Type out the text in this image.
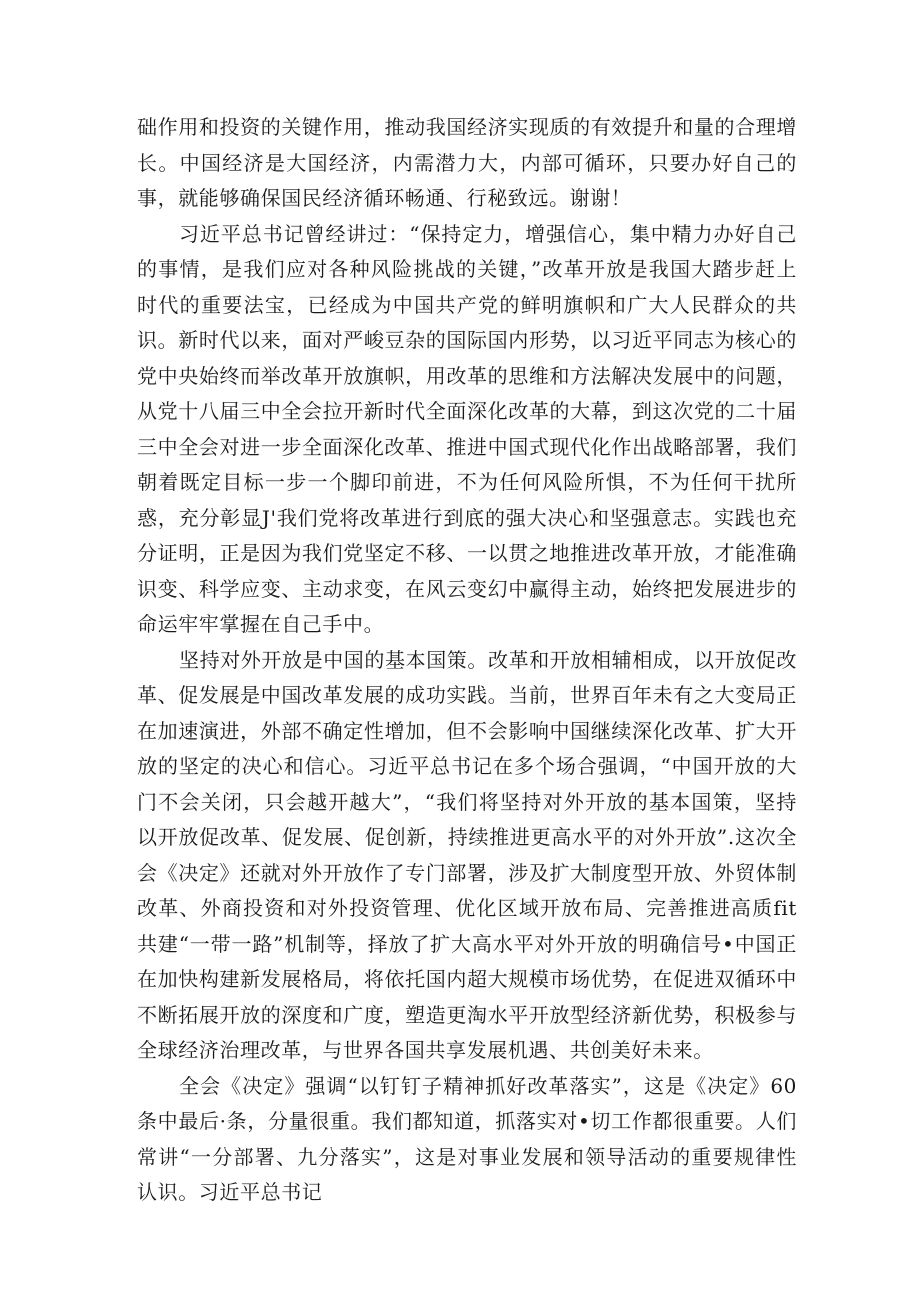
础作用和投资的关键作用，推动我国经济实现质的有效提升和量的合理增长。中国经济是大国经济，内需潜力大，内部可循环，只要办好自己的事，就能够确保国民经济循环畅通、行秘致远。谢谢！

习近平总书记曾经讲过：“保持定力，增强信心，集中精力办好自己的事情，是我们应对各种风险挑战的关键，”改革开放是我国大踏步赶上时代的重要法宝，已经成为中国共产党的鲜明旗帜和广大人民群众的共识。新时代以来，面对严峻豆杂的国际国内形势，以习近平同志为核心的党中央始终而举改革开放旗帜，用改革的思维和方法解决发展中的问题，从党十八届三中全会拉开新时代全面深化改革的大幕，到这次党的二十届三中全会对进一步全面深化改革、推进中国式现代化作出战略部署，我们朝着既定目标一步一个脚印前进，不为任何风险所惧，不为任何干扰所惑，充分彰显J'我们党将改革进行到底的强大决心和坚强意志。实践也充分证明，正是因为我们党坚定不移、一以贯之地推进改革开放，才能准确识变、科学应变、主动求变，在风云变幻中赢得主动，始终把发展进步的命运牢牢掌握在自己手中。

坚持对外开放是中国的基本国策。改革和开放相辅相成，以开放促改革、促发展是中国改革发展的成功实践。当前，世界百年未有之大变局正在加速演进，外部不确定性增加，但不会影响中国继续深化改革、扩大开放的坚定的决心和信心。习近平总书记在多个场合强调，“中国开放的大门不会关闭，只会越开越大”，“我们将坚持对外开放的基本国策，坚持以开放促改革、促发展、促创新，持续推进更高水平的对外开放”.这次全会《决定》还就对外开放作了专门部署，涉及扩大制度型开放、外贸体制改革、外商投资和对外投资管理、优化区域开放布局、完善推进高质fit共建“一带一路”机制等，择放了扩大高水平对外开放的明确信号•中国正在加快构建新发展格局，将依托国内超大规模市场优势，在促进双循环中不断拓展开放的深度和广度，塑造更淘水平开放型经济新优势，积极参与全球经济治理改革，与世界各国共享发展机遇、共创美好未来。

全会《决定》强调“以钉钉子精神抓好改革落实”，这是《决定》60条中最后·条，分量很重。我们都知道，抓落实对•切工作都很重要。人们常讲“一分部署、九分落实”，这是对事业发展和领导活动的重要规律性认识。习近平总书记
